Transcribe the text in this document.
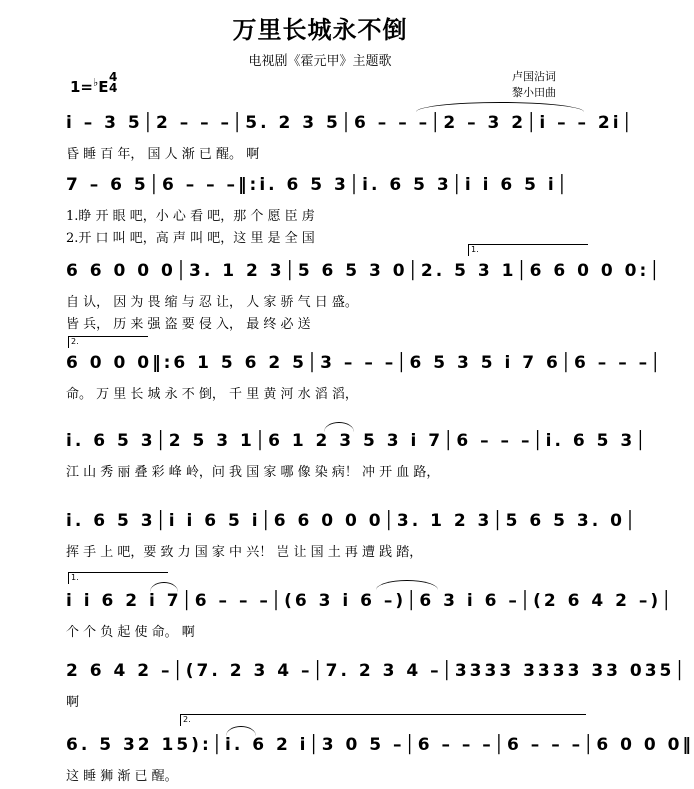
万里长城永不倒
电视剧《霍元甲》主题歌
卢国沾词
黎小田曲
1=♭E
4
4
i – 3 5│2 – – –│5. 2 3 5│6 – – –│2 – 3 2│i – – 2i│
昏 睡 百 年， 国 人 渐 已 醒。 啊
7 – 6 5│6 – – –‖:i. 6 5 3│i. 6 5 3│i i 6 5 i│
1.睁 开 眼 吧，小 心 看 吧，那 个 愿 臣 虏
2.开 口 叫 吧，高 声 叫 吧，这 里 是 全 国
1.
6 6 0 0 0│3. 1 2 3│5 6 5 3 0│2. 5 3 1│6 6 0 0 0:│
自 认， 因 为 畏 缩 与 忍 让， 人 家 骄 气 日 盛。
皆 兵， 历 来 强 盗 要 侵 入， 最 终 必 送
2.
6 0 0 0‖:6 1 5 6 2 5│3 – – –│6 5 3 5 i 7 6│6 – – –│
命。 万 里 长 城 永 不 倒， 千 里 黄 河 水 滔 滔，
i. 6 5 3│2 5 3 1│6 1 2 3 5 3 i 7│6 – – –│i. 6 5 3│
江 山 秀 丽 叠 彩 峰 岭，问 我 国 家 哪 像 染 病！ 冲 开 血 路，
i. 6 5 3│i i 6 5 i│6 6 0 0 0│3. 1 2 3│5 6 5 3. 0│
挥 手 上 吧，要 致 力 国 家 中 兴！ 岂 让 国 土 再 遭 践 踏，
1.
i i 6 2 i 7│6 – – –│(6 3 i 6 –)│6 3 i 6 –│(2 6 4 2 –)│
个 个 负 起 使 命。 啊
2 6 4 2 –│(7. 2 3 4 –│7. 2 3 4 –│3333 3333 33 035│
啊
2.
6. 5 32 15):│i. 6 2 i│3 0 5 –│6 – – –│6 – – –│6 0 0 0‖
这 睡 狮 渐 已 醒。
